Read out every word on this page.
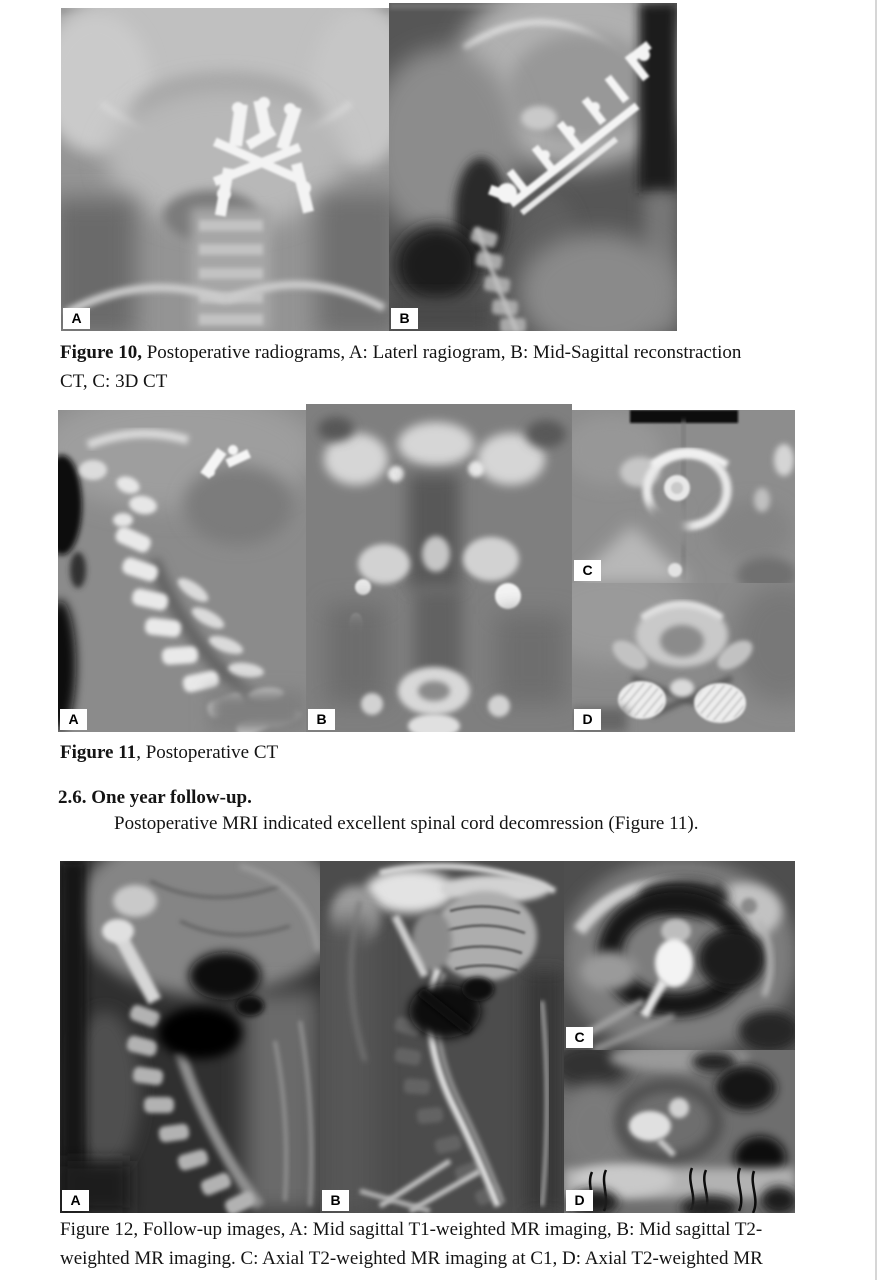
A	B
Figure 10, Postoperative radiograms, A: Laterl ragiogram, B: Mid-Sagittal reconstraction
CT, C: 3D CT
A	B
C
D
Figure 11, Postoperative CT
2.6. One year follow-up.
Postoperative MRI indicated excellent spinal cord decomression (Figure 11).
A	B
C
D
Figure 12, Follow-up images, A: Mid sagittal T1-weighted MR imaging, B: Mid sagittal T2-
weighted MR imaging. C: Axial T2-weighted MR imaging at C1, D: Axial T2-weighted MR
